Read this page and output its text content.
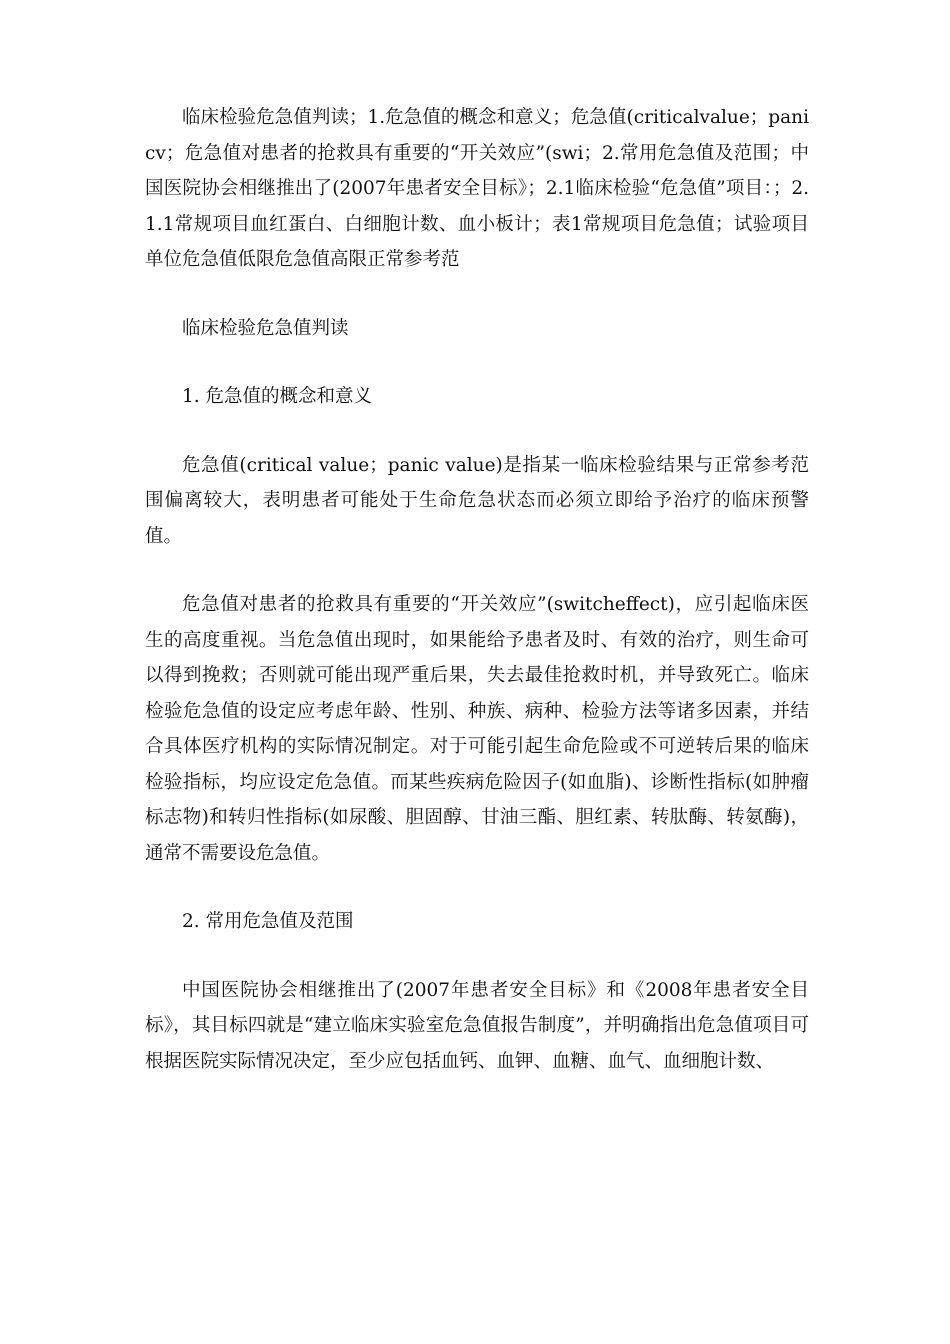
临床检验危急值判读；1.危急值的概念和意义；危急值(criticalvalue；panicv；危急值对患者的抢救具有重要的“开关效应”(swi；2.常用危急值及范围；中国医院协会相继推出了(2007年患者安全目标》；2.1临床检验“危急值”项目：；2.1.1常规项目血红蛋白、白细胞计数、血小板计；表1常规项目危急值；试验项目单位危急值低限危急值高限正常参考范

临床检验危急值判读

1. 危急值的概念和意义

危急值(critical value；panic value)是指某一临床检验结果与正常参考范围偏离较大，表明患者可能处于生命危急状态而必须立即给予治疗的临床预警值。

危急值对患者的抢救具有重要的“开关效应”(switcheffect)，应引起临床医生的高度重视。当危急值出现时，如果能给予患者及时、有效的治疗，则生命可以得到挽救；否则就可能出现严重后果，失去最佳抢救时机，并导致死亡。临床检验危急值的设定应考虑年龄、性别、种族、病种、检验方法等诸多因素，并结合具体医疗机构的实际情况制定。对于可能引起生命危险或不可逆转后果的临床检验指标，均应设定危急值。而某些疾病危险因子(如血脂)、诊断性指标(如肿瘤标志物)和转归性指标(如尿酸、胆固醇、甘油三酯、胆红素、转肽酶、转氨酶)，通常不需要设危急值。

2. 常用危急值及范围

中国医院协会相继推出了(2007年患者安全目标》和《2008年患者安全目标》，其目标四就是“建立临床实验室危急值报告制度”，并明确指出危急值项目可根据医院实际情况决定，至少应包括血钙、血钾、血糖、血气、血细胞计数、
